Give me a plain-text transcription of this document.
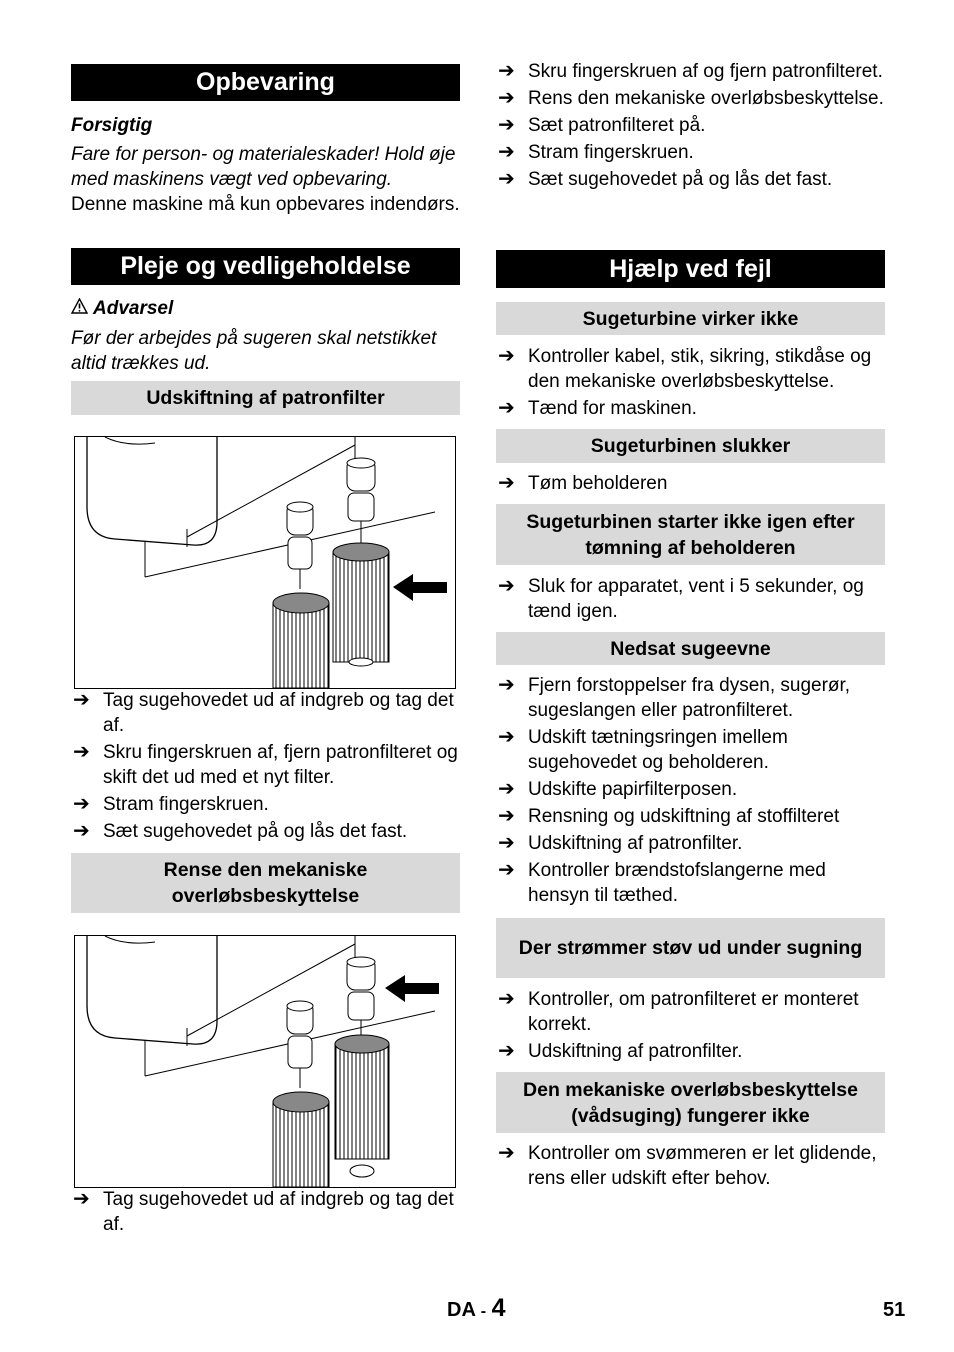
Opbevaring
Forsigtig
Fare for person- og materialeskader! Hold øje med maskinens vægt ved opbevaring.
Denne maskine må kun opbevares indendørs.
Pleje og vedligeholdelse
Advarsel
Før der arbejdes på sugeren skal netstikket altid trækkes ud.
Udskiftning af patronfilter
➔ Tag sugehovedet ud af indgreb og tag det af.
➔ Skru fingerskruen af, fjern patronfilteret og skift det ud med et nyt filter.
➔ Stram fingerskruen.
➔ Sæt sugehovedet på og lås det fast.
Rense den mekaniske overløbsbeskyttelse
➔ Tag sugehovedet ud af indgreb og tag det af.
➔ Skru fingerskruen af og fjern patronfilteret.
➔ Rens den mekaniske overløbsbeskyttelse.
➔ Sæt patronfilteret på.
➔ Stram fingerskruen.
➔ Sæt sugehovedet på og lås det fast.
Hjælp ved fejl
Sugeturbine virker ikke
➔ Kontroller kabel, stik, sikring, stikdåse og den mekaniske overløbsbeskyttelse.
➔ Tænd for maskinen.
Sugeturbinen slukker
➔ Tøm beholderen
Sugeturbinen starter ikke igen efter tømning af beholderen
➔ Sluk for apparatet, vent i 5 sekunder, og tænd igen.
Nedsat sugeevne
➔ Fjern forstoppelser fra dysen, sugerør, sugeslangen eller patronfilteret.
➔ Udskift tætningsringen imellem sugehovedet og beholderen.
➔ Udskifte papirfilterposen.
➔ Rensning og udskiftning af stoffilteret
➔ Udskiftning af patronfilter.
➔ Kontroller brændstofslangerne med hensyn til tæthed.
Der strømmer støv ud under sugning
➔ Kontroller, om patronfilteret er monteret korrekt.
➔ Udskiftning af patronfilter.
Den mekaniske overløbsbeskyttelse (vådsuging) fungerer ikke
➔ Kontroller om svømmeren er let glidende, rens eller udskift efter behov.
DA - 4	51
